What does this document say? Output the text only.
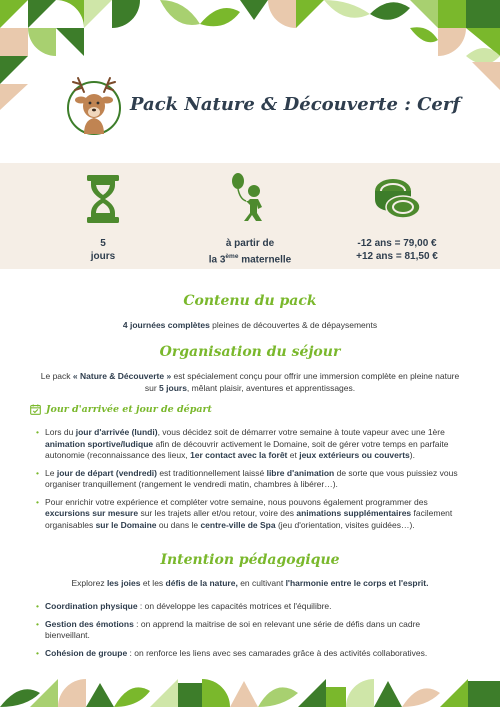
Pack Nature & Découverte : Cerf
5
jours
à partir de
la 3ème maternelle
-12 ans = 79,00 €
+12 ans = 81,50 €
Contenu du pack
4 journées complètes pleines de découvertes & de dépaysements
Organisation du séjour
Le pack « Nature & Découverte » est spécialement conçu pour offrir une immersion complète en pleine nature sur 5 jours, mêlant plaisir, aventures et apprentissages.
Jour d'arrivée et jour de départ
• Lors du jour d'arrivée (lundi), vous décidez soit de démarrer votre semaine à toute vapeur avec une 1ère animation sportive/ludique afin de découvrir activement le Domaine, soit de gérer votre temps en parfaite autonomie (reconnaissance des lieux, 1er contact avec la forêt et jeux extérieurs ou couverts).
• Le jour de départ (vendredi) est traditionnellement laissé libre d'animation de sorte que vous puissiez vous organiser tranquillement (rangement le vendredi matin, chambres à libérer…).
• Pour enrichir votre expérience et compléter votre semaine, nous pouvons également programmer des excursions sur mesure sur les trajets aller et/ou retour, voire des animations supplémentaires facilement organisables sur le Domaine ou dans le centre-ville de Spa (jeu d'orientation, visites guidées…).
Intention pédagogique
Explorez les joies et les défis de la nature, en cultivant l'harmonie entre le corps et l'esprit.
• Coordination physique : on développe les capacités motrices et l'équilibre.
• Gestion des émotions : on apprend la maitrise de soi en relevant une série de défis dans un cadre bienveillant.
• Cohésion de groupe : on renforce les liens avec ses camarades grâce à des activités collaboratives.
